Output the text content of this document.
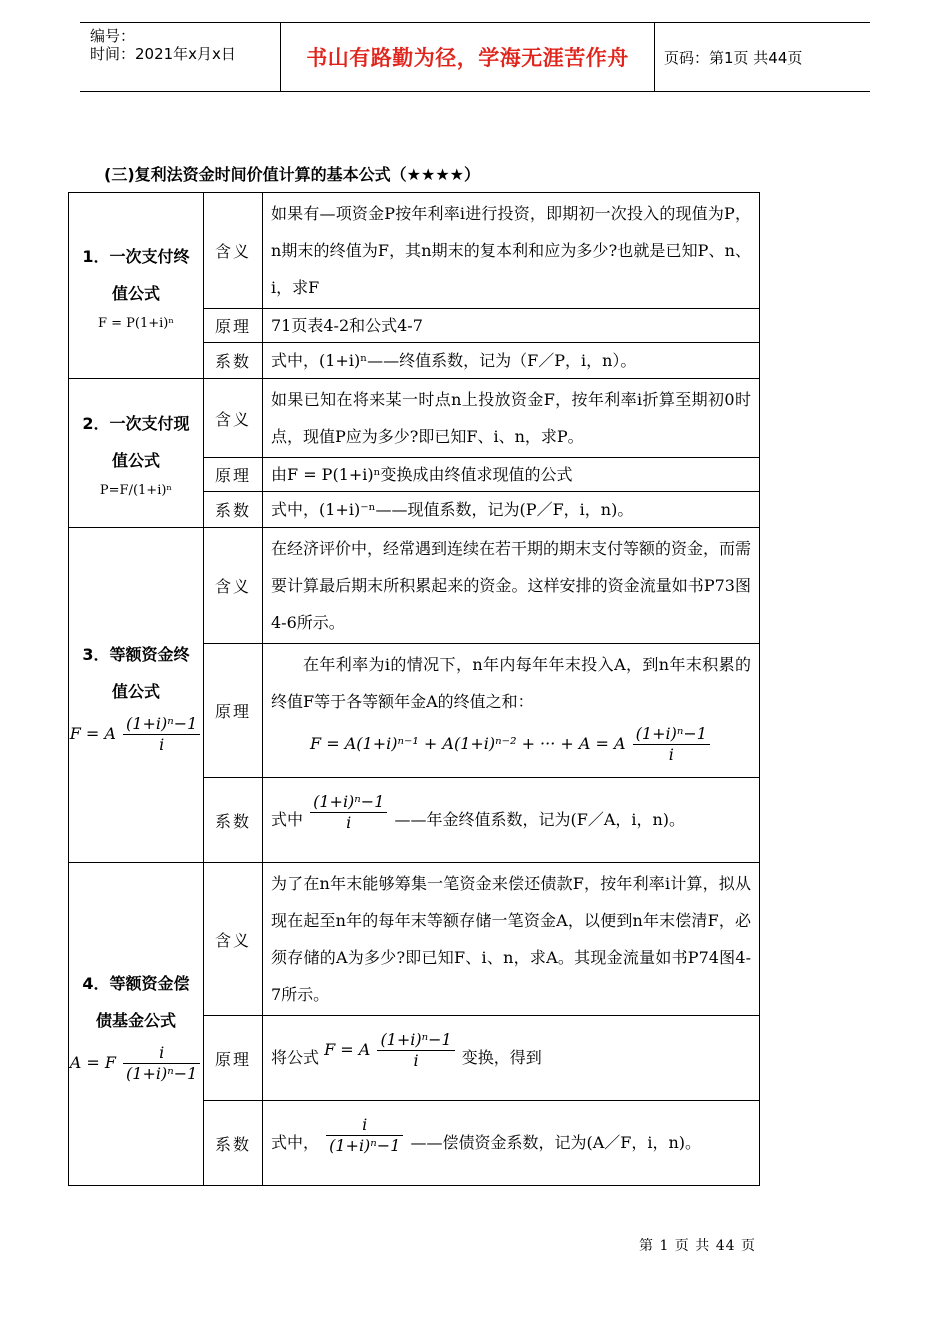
编号：
时间：2021年x月x日	书山有路勤为径，学海无涯苦作舟	页码：第1页 共44页
(三)复利法资金时间价值计算的基本公式（★★★★）
1．一次支付终
值公式
F = P(1+i)ⁿ	含义	如果有—项资金P按年利率i进行投资，即期初一次投入的现值为P，n期末的终值为F，其n期末的复本利和应为多少?也就是已知P、n、i，求F
	原理	71页表4-2和公式4-7
	系数	式中，(1+i)ⁿ——终值系数，记为（F／P，i，n）。

2．一次支付现
值公式
P=F/(1+i)ⁿ	含义	如果已知在将来某一时点n上投放资金F，按年利率i折算至期初0时点，现值P应为多少?即已知F、i、n，求P。
	原理	由F = P(1+i)ⁿ变换成由终值求现值的公式
	系数	式中，(1+i)⁻ⁿ——现值系数，记为(P／F，i，n)。

3．等额资金终
值公式
F = A $\frac{\text{(1+i)ⁿ−1}}{i}$	含义	在经济评价中，经常遇到连续在若干期的期末支付等额的资金，而需要计算最后期末所积累起来的资金。这样安排的资金流量如书P73图4-6所示。
	原理	在年利率为i的情况下，n年内每年年末投入A，到n年末积累的终值F等于各等额年金A的终值之和：
F = A(1+i)ⁿ⁻¹ + A(1+i)ⁿ⁻² + ··· + A = A $\frac{\text{(1+i)ⁿ−1}}{i}$

	系数	式中 $\frac{\text{(1+i)ⁿ−1}}{i}$ ——年金终值系数，记为(F／A，i，n)。

4．等额资金偿
债基金公式
A = F $\frac{i}{\text{(1+i)ⁿ−1}}$	含义	为了在n年末能够筹集一笔资金来偿还债款F，按年利率i计算，拟从现在起至n年的每年末等额存储一笔资金A，以便到n年末偿清F，必须存储的A为多少?即已知F、i、n，求A。其现金流量如书P74图4-7所示。
	原理	将公式 F = A $\frac{\text{(1+i)ⁿ−1}}{i}$ 变换，得到
	系数	式中， $\frac{i}{\text{(1+i)ⁿ−1}}$ ——偿债资金系数，记为(A／F，i，n)。
第 1 页 共 44 页
